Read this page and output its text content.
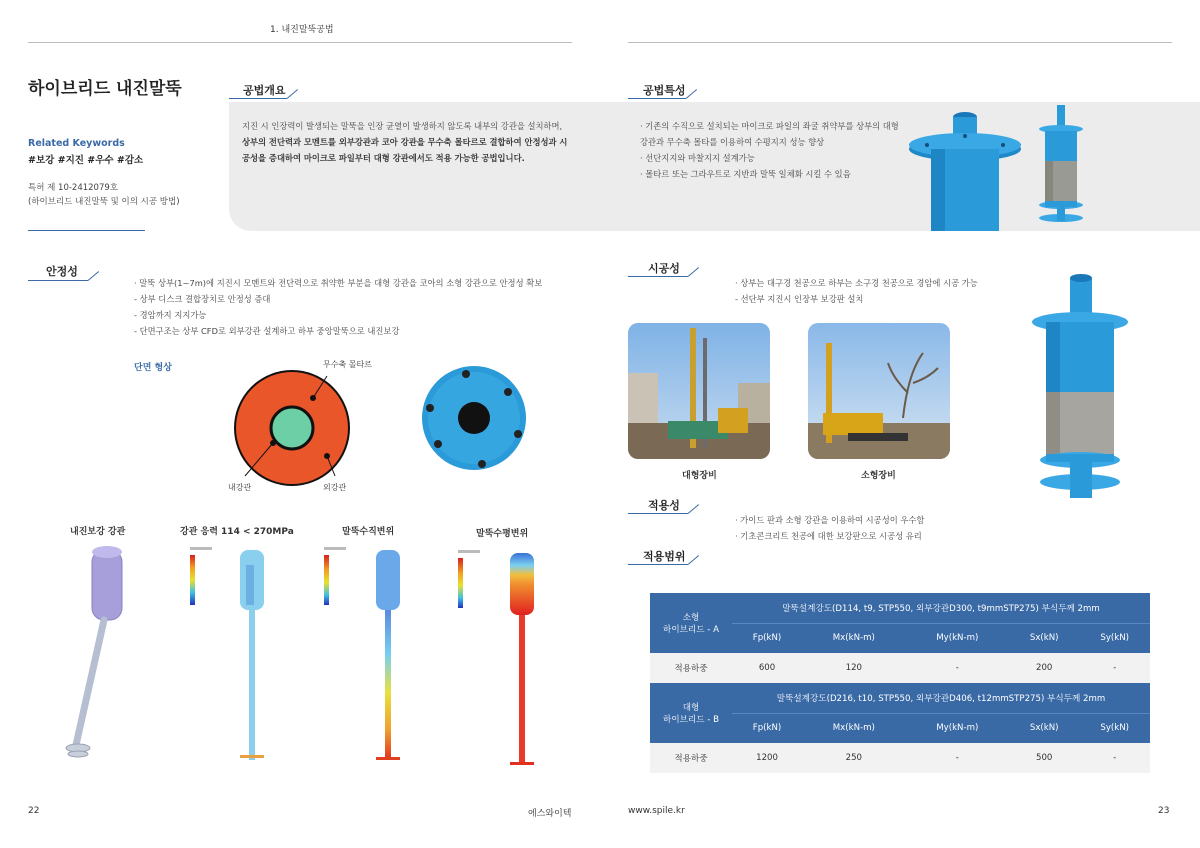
1. 내진말뚝공법
하이브리드 내진말뚝
Related Keywords
#보강 #지진 #우수 #감소
특허 제 10-2412079호
(하이브리드 내진말뚝 및 이의 시공 방법)
공법개요
지진 시 인장력이 발생되는 말뚝을 인장 균열이 발생하지 않도록 내부의 강관을 설치하며,
상부의 전단력과 모멘트를 외부강관과 코아 강관을 무수축 몰타르로 결합하여 안정성과 시
공성을 증대하여 마이크로 파일부터 대형 강관에서도 적용 가능한 공법입니다.
공법특성
· 기존의 수직으로 설치되는 마이크로 파일의 좌굴 취약부를 상부의 대형
강관과 무수축 몰타를 이용하여 수평지지 성능 향상
· 선단지지와 마찰지지 설계가능
· 몰타르 또는 그라우트로 지반과 말뚝 일체화 시킬 수 있음
안정성
· 말뚝 상부(1~7m)에 지진시 모멘트와 전단력으로 취약한 부분을 대형 강관을 코아의 소형 강관으로 안정성 확보
- 상부 디스크 결합장치로 안정성 증대
- 경암까지 지지가능
- 단면구조는 상부 CFD로 외부강관 설계하고 하부 중앙말뚝으로 내진보강
단면 형상	무수축 몰타르
내강관	외강관
내진보강 강관	강관 응력 114 < 270MPa	말뚝수직변위	말뚝수평변위
시공성
· 상부는 대구경 천공으로 하부는 소구경 천공으로 경암에 시공 가능
- 선단부 지진시 인장부 보강판 설치
대형장비	소형장비
적용성
· 가이드 판과 소형 강관을 이용하여 시공성이 우수함
· 기초콘크리트 천공에 대한 보강판으로 시공성 유리
적용범위
소형
하이브리드 - A	말뚝설계강도(D114, t9, STP550, 외부강관D300, t9mmSTP275) 부식두께 2mm				
	Fp(kN)	Mx(kN-m)	My(kN-m)	Sx(kN)	Sy(kN)
적용하중	600	120	-	200	-

대형
하이브리드 - B	말뚝설계강도(D216, t10, STP550, 외부강관D406, t12mmSTP275) 부식두께 2mm				
	Fp(kN)	Mx(kN-m)	My(kN-m)	Sx(kN)	Sy(kN)
적용하중	1200	250	-	500	-
22	에스와이텍	www.spile.kr	23
